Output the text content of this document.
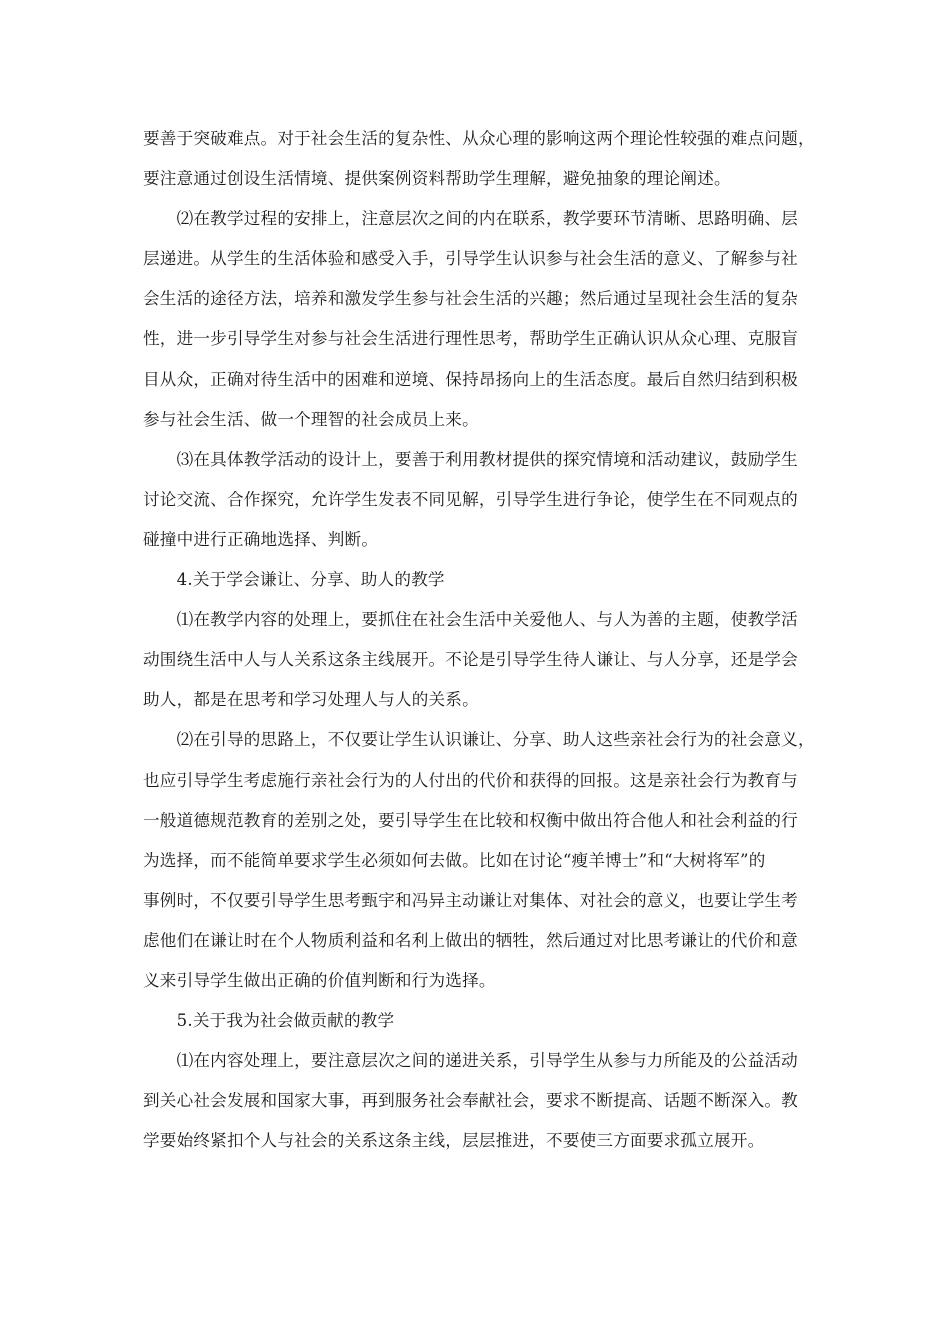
要善于突破难点。对于社会生活的复杂性、从众心理的影响这两个理论性较强的难点问题，

要注意通过创设生活情境、提供案例资料帮助学生理解，避免抽象的理论阐述。

　　⑵在教学过程的安排上，注意层次之间的内在联系，教学要环节清晰、思路明确、层

层递进。从学生的生活体验和感受入手，引导学生认识参与社会生活的意义、了解参与社

会生活的途径方法，培养和激发学生参与社会生活的兴趣；然后通过呈现社会生活的复杂

性，进一步引导学生对参与社会生活进行理性思考，帮助学生正确认识从众心理、克服盲

目从众，正确对待生活中的困难和逆境、保持昂扬向上的生活态度。最后自然归结到积极

参与社会生活、做一个理智的社会成员上来。

　　⑶在具体教学活动的设计上，要善于利用教材提供的探究情境和活动建议，鼓励学生

讨论交流、合作探究，允许学生发表不同见解，引导学生进行争论，使学生在不同观点的

碰撞中进行正确地选择、判断。

　　4.关于学会谦让、分享、助人的教学

　　⑴在教学内容的处理上，要抓住在社会生活中关爱他人、与人为善的主题，使教学活

动围绕生活中人与人关系这条主线展开。不论是引导学生待人谦让、与人分享，还是学会

助人，都是在思考和学习处理人与人的关系。

　　⑵在引导的思路上，不仅要让学生认识谦让、分享、助人这些亲社会行为的社会意义，

也应引导学生考虑施行亲社会行为的人付出的代价和获得的回报。这是亲社会行为教育与

一般道德规范教育的差别之处，要引导学生在比较和权衡中做出符合他人和社会利益的行

为选择，而不能简单要求学生必须如何去做。比如在讨论“瘦羊博士”和“大树将军”的

事例时，不仅要引导学生思考甄宇和冯异主动谦让对集体、对社会的意义，也要让学生考

虑他们在谦让时在个人物质利益和名利上做出的牺牲，然后通过对比思考谦让的代价和意

义来引导学生做出正确的价值判断和行为选择。

　　5.关于我为社会做贡献的教学

　　⑴在内容处理上，要注意层次之间的递进关系，引导学生从参与力所能及的公益活动

到关心社会发展和国家大事，再到服务社会奉献社会，要求不断提高、话题不断深入。教

学要始终紧扣个人与社会的关系这条主线，层层推进，不要使三方面要求孤立展开。
